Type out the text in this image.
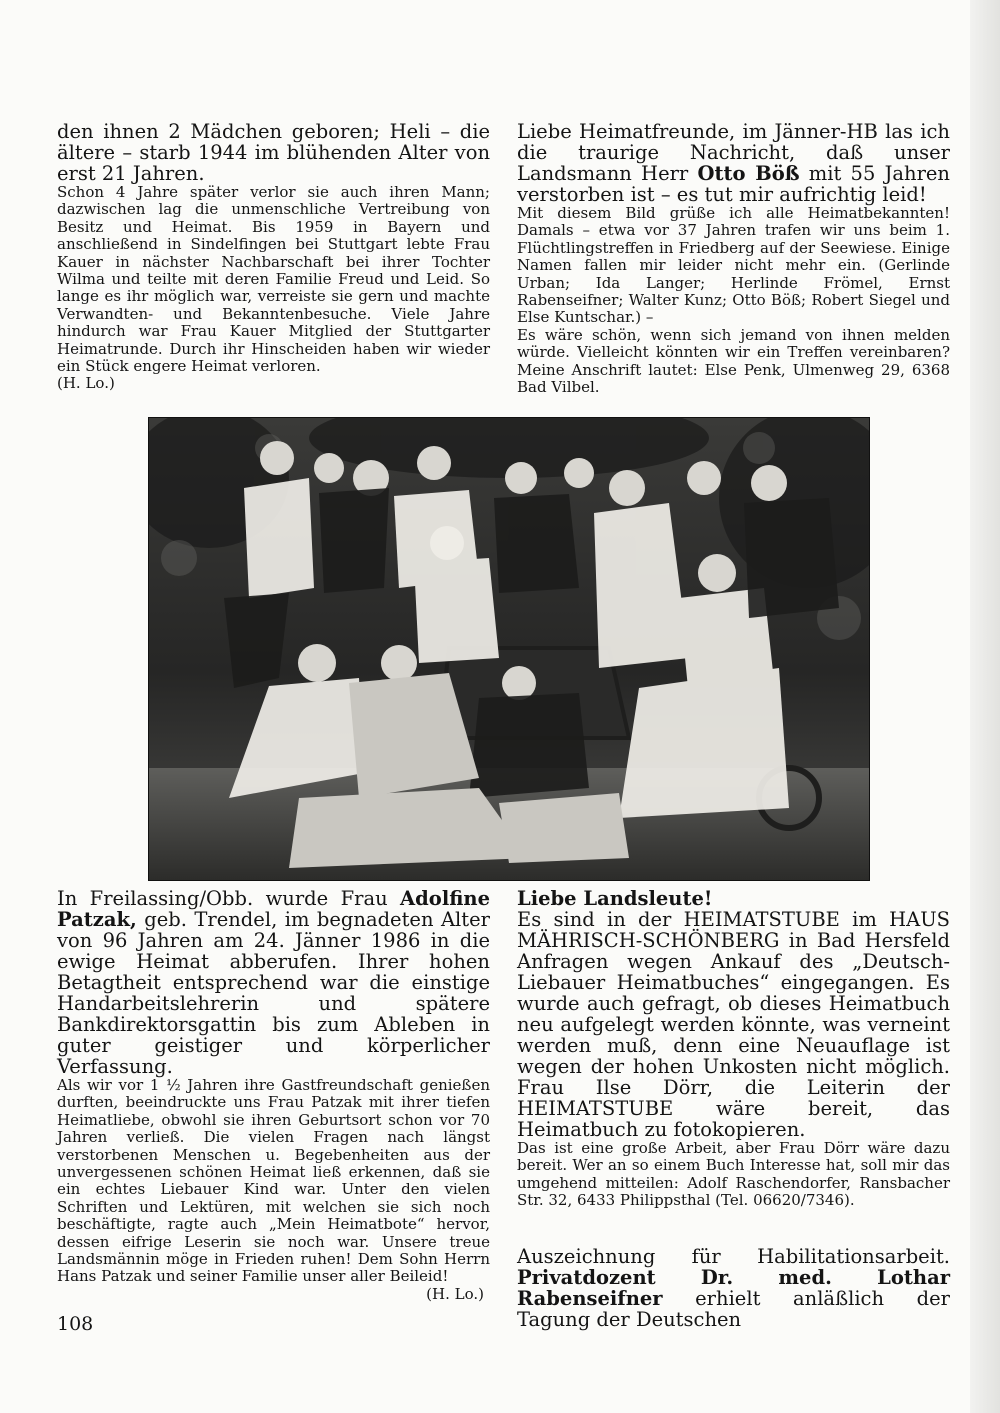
den ihnen 2 Mädchen geboren; Heli – die ältere – starb 1944 im blühenden Alter von erst 21 Jahren.

Schon 4 Jahre später verlor sie auch ihren Mann; dazwischen lag die unmenschliche Vertreibung von Besitz und Heimat. Bis 1959 in Bayern und anschließend in Sindelfingen bei Stuttgart lebte Frau Kauer in nächster Nachbarschaft bei ihrer Tochter Wilma und teilte mit deren Familie Freud und Leid. So lange es ihr möglich war, verreiste sie gern und machte Verwandten- und Bekanntenbesuche. Viele Jahre hindurch war Frau Kauer Mitglied der Stuttgarter Heimatrunde. Durch ihr Hinscheiden haben wir wieder ein Stück engere Heimat verloren.

(H. Lo.)

Liebe Heimatfreunde, im Jänner-HB las ich die traurige Nachricht, daß unser Landsmann Herr Otto Böß mit 55 Jahren verstorben ist – es tut mir aufrichtig leid!

Mit diesem Bild grüße ich alle Heimatbekannten! Damals – etwa vor 37 Jahren trafen wir uns beim 1. Flüchtlingstreffen in Friedberg auf der Seewiese. Einige Namen fallen mir leider nicht mehr ein. (Gerlinde Urban; Ida Langer; Herlinde Frömel, Ernst Rabenseifner; Walter Kunz; Otto Böß; Robert Siegel und Else Kuntschar.) –

Es wäre schön, wenn sich jemand von ihnen melden würde. Vielleicht könnten wir ein Treffen vereinbaren? Meine Anschrift lautet: Else Penk, Ulmenweg 29, 6368 Bad Vilbel.

In Freilassing/Obb. wurde Frau Adolfine Patzak, geb. Trendel, im begnadeten Alter von 96 Jahren am 24. Jänner 1986 in die ewige Heimat abberufen. Ihrer hohen Betagtheit entsprechend war die einstige Handarbeitslehrerin und spätere Bankdirektorsgattin bis zum Ableben in guter geistiger und körperlicher Verfassung.

Als wir vor 1 ½ Jahren ihre Gastfreundschaft genießen durften, beeindruckte uns Frau Patzak mit ihrer tiefen Heimatliebe, obwohl sie ihren Geburtsort schon vor 70 Jahren verließ. Die vielen Fragen nach längst verstorbenen Menschen u. Begebenheiten aus der unvergessenen schönen Heimat ließ erkennen, daß sie ein echtes Liebauer Kind war. Unter den vielen Schriften und Lektüren, mit welchen sie sich noch beschäftigte, ragte auch „Mein Heimatbote“ hervor, dessen eifrige Leserin sie noch war. Unsere treue Landsmännin möge in Frieden ruhen! Dem Sohn Herrn Hans Patzak und seiner Familie unser aller Beileid!
(H. Lo.)

Liebe Landsleute!

Es sind in der HEIMATSTUBE im HAUS MÄHRISCH-SCHÖNBERG in Bad Hersfeld Anfragen wegen Ankauf des „Deutsch-Liebauer Heimatbuches“ eingegangen. Es wurde auch gefragt, ob dieses Heimatbuch neu aufgelegt werden könnte, was verneint werden muß, denn eine Neuauflage ist wegen der hohen Unkosten nicht möglich. Frau Ilse Dörr, die Leiterin der HEIMATSTUBE wäre bereit, das Heimatbuch zu fotokopieren.

Das ist eine große Arbeit, aber Frau Dörr wäre dazu bereit. Wer an so einem Buch Interesse hat, soll mir das umgehend mitteilen: Adolf Raschendorfer, Ransbacher Str. 32, 6433 Philippsthal (Tel. 06620/7346).

Auszeichnung für Habilitationsarbeit. Privatdozent Dr. med. Lothar Rabenseifner erhielt anläßlich der Tagung der Deutschen

108
